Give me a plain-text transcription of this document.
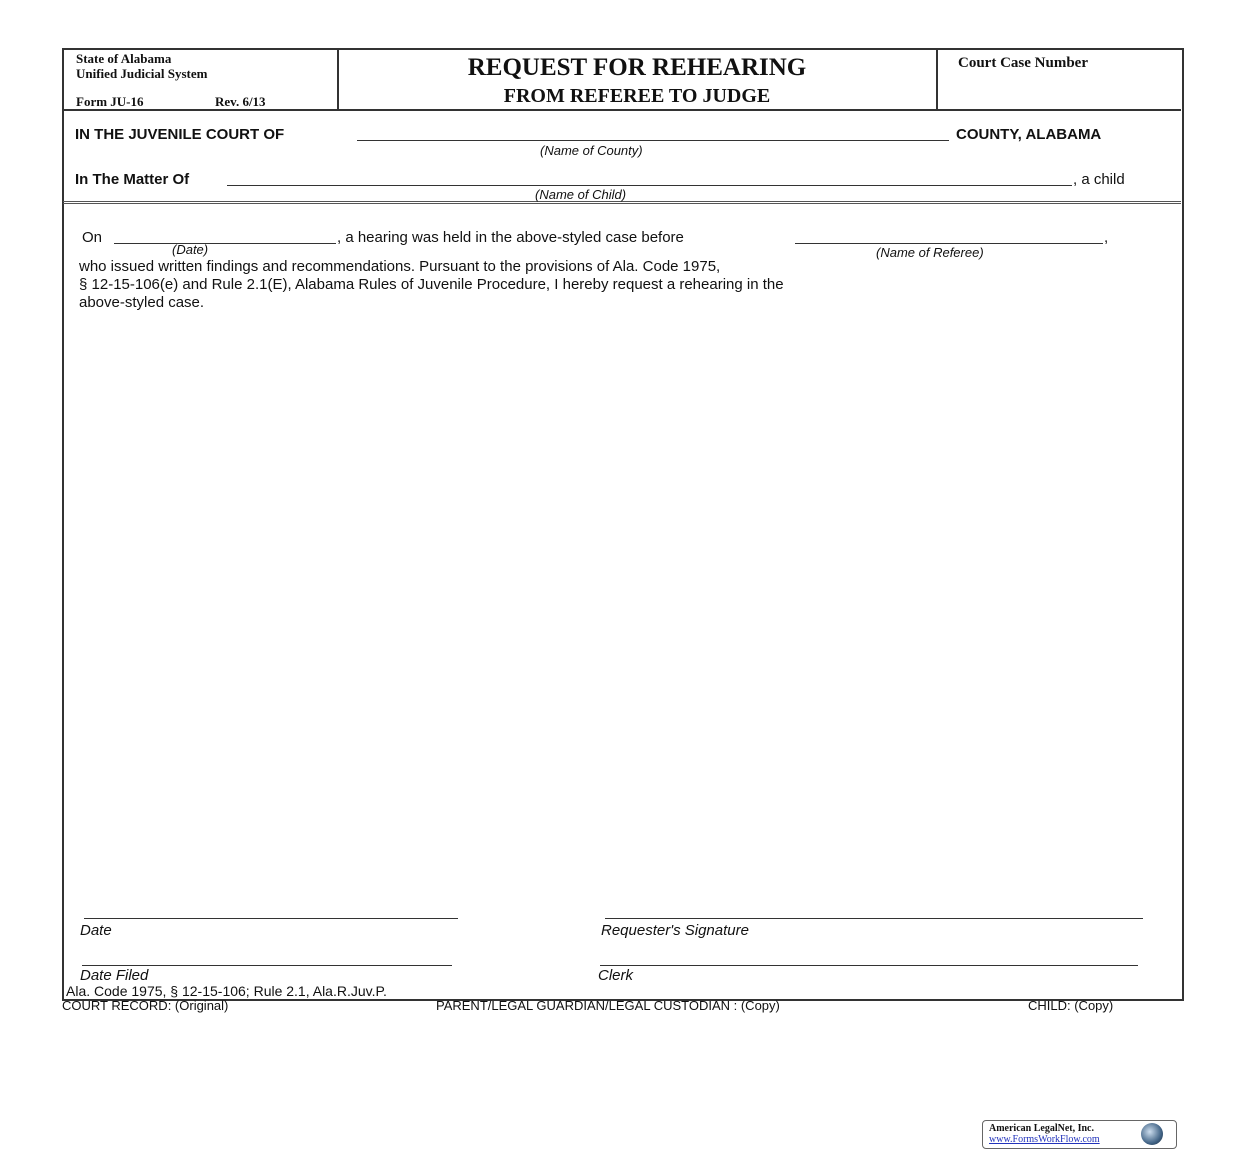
State of Alabama
Unified Judicial System
Form JU-16	Rev. 6/13
REQUEST FOR REHEARING
FROM REFEREE TO JUDGE
Court Case Number
IN THE JUVENILE COURT OF	COUNTY, ALABAMA
(Name of County)
In The Matter Of	, a child
(Name of Child)
On	, a hearing was held in the above-styled case before	,
(Date)	(Name of Referee)
who issued written findings and recommendations. Pursuant to the provisions of Ala. Code 1975,
§ 12-15-106(e) and Rule 2.1(E), Alabama Rules of Juvenile Procedure, I hereby request a rehearing in the
above-styled case.
Date	Requester's Signature
Date Filed	Clerk
Ala. Code 1975, § 12-15-106; Rule 2.1, Ala.R.Juv.P.
COURT RECORD: (Original)	PARENT/LEGAL GUARDIAN/LEGAL CUSTODIAN : (Copy)	CHILD: (Copy)
American LegalNet, Inc.
www.FormsWorkFlow.com
